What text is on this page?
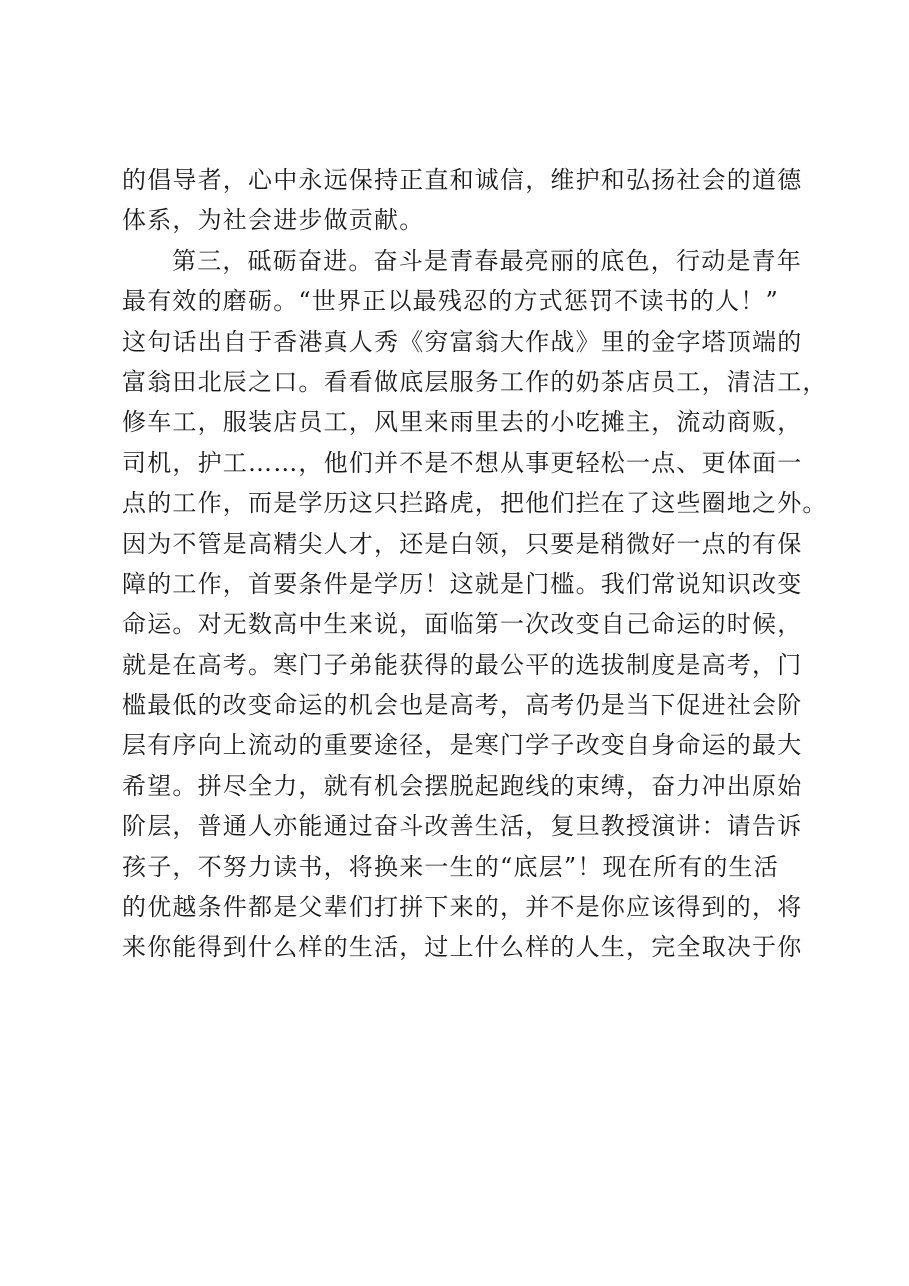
的倡导者，心中永远保持正直和诚信，维护和弘扬社会的道德
体系，为社会进步做贡献。
第三，砥砺奋进。奋斗是青春最亮丽的底色，行动是青年
最有效的磨砺。“世界正以最残忍的方式惩罚不读书的人！”
这句话出自于香港真人秀《穷富翁大作战》里的金字塔顶端的
富翁田北辰之口。看看做底层服务工作的奶茶店员工，清洁工，
修车工，服装店员工，风里来雨里去的小吃摊主，流动商贩，
司机，护工……，他们并不是不想从事更轻松一点、更体面一
点的工作，而是学历这只拦路虎，把他们拦在了这些圈地之外。
因为不管是高精尖人才，还是白领，只要是稍微好一点的有保
障的工作，首要条件是学历！这就是门槛。我们常说知识改变
命运。对无数高中生来说，面临第一次改变自己命运的时候，
就是在高考。寒门子弟能获得的最公平的选拔制度是高考，门
槛最低的改变命运的机会也是高考，高考仍是当下促进社会阶
层有序向上流动的重要途径，是寒门学子改变自身命运的最大
希望。拼尽全力，就有机会摆脱起跑线的束缚，奋力冲出原始
阶层，普通人亦能通过奋斗改善生活，复旦教授演讲：请告诉
孩子，不努力读书，将换来一生的“底层”！现在所有的生活
的优越条件都是父辈们打拼下来的，并不是你应该得到的，将
来你能得到什么样的生活，过上什么样的人生，完全取决于你
